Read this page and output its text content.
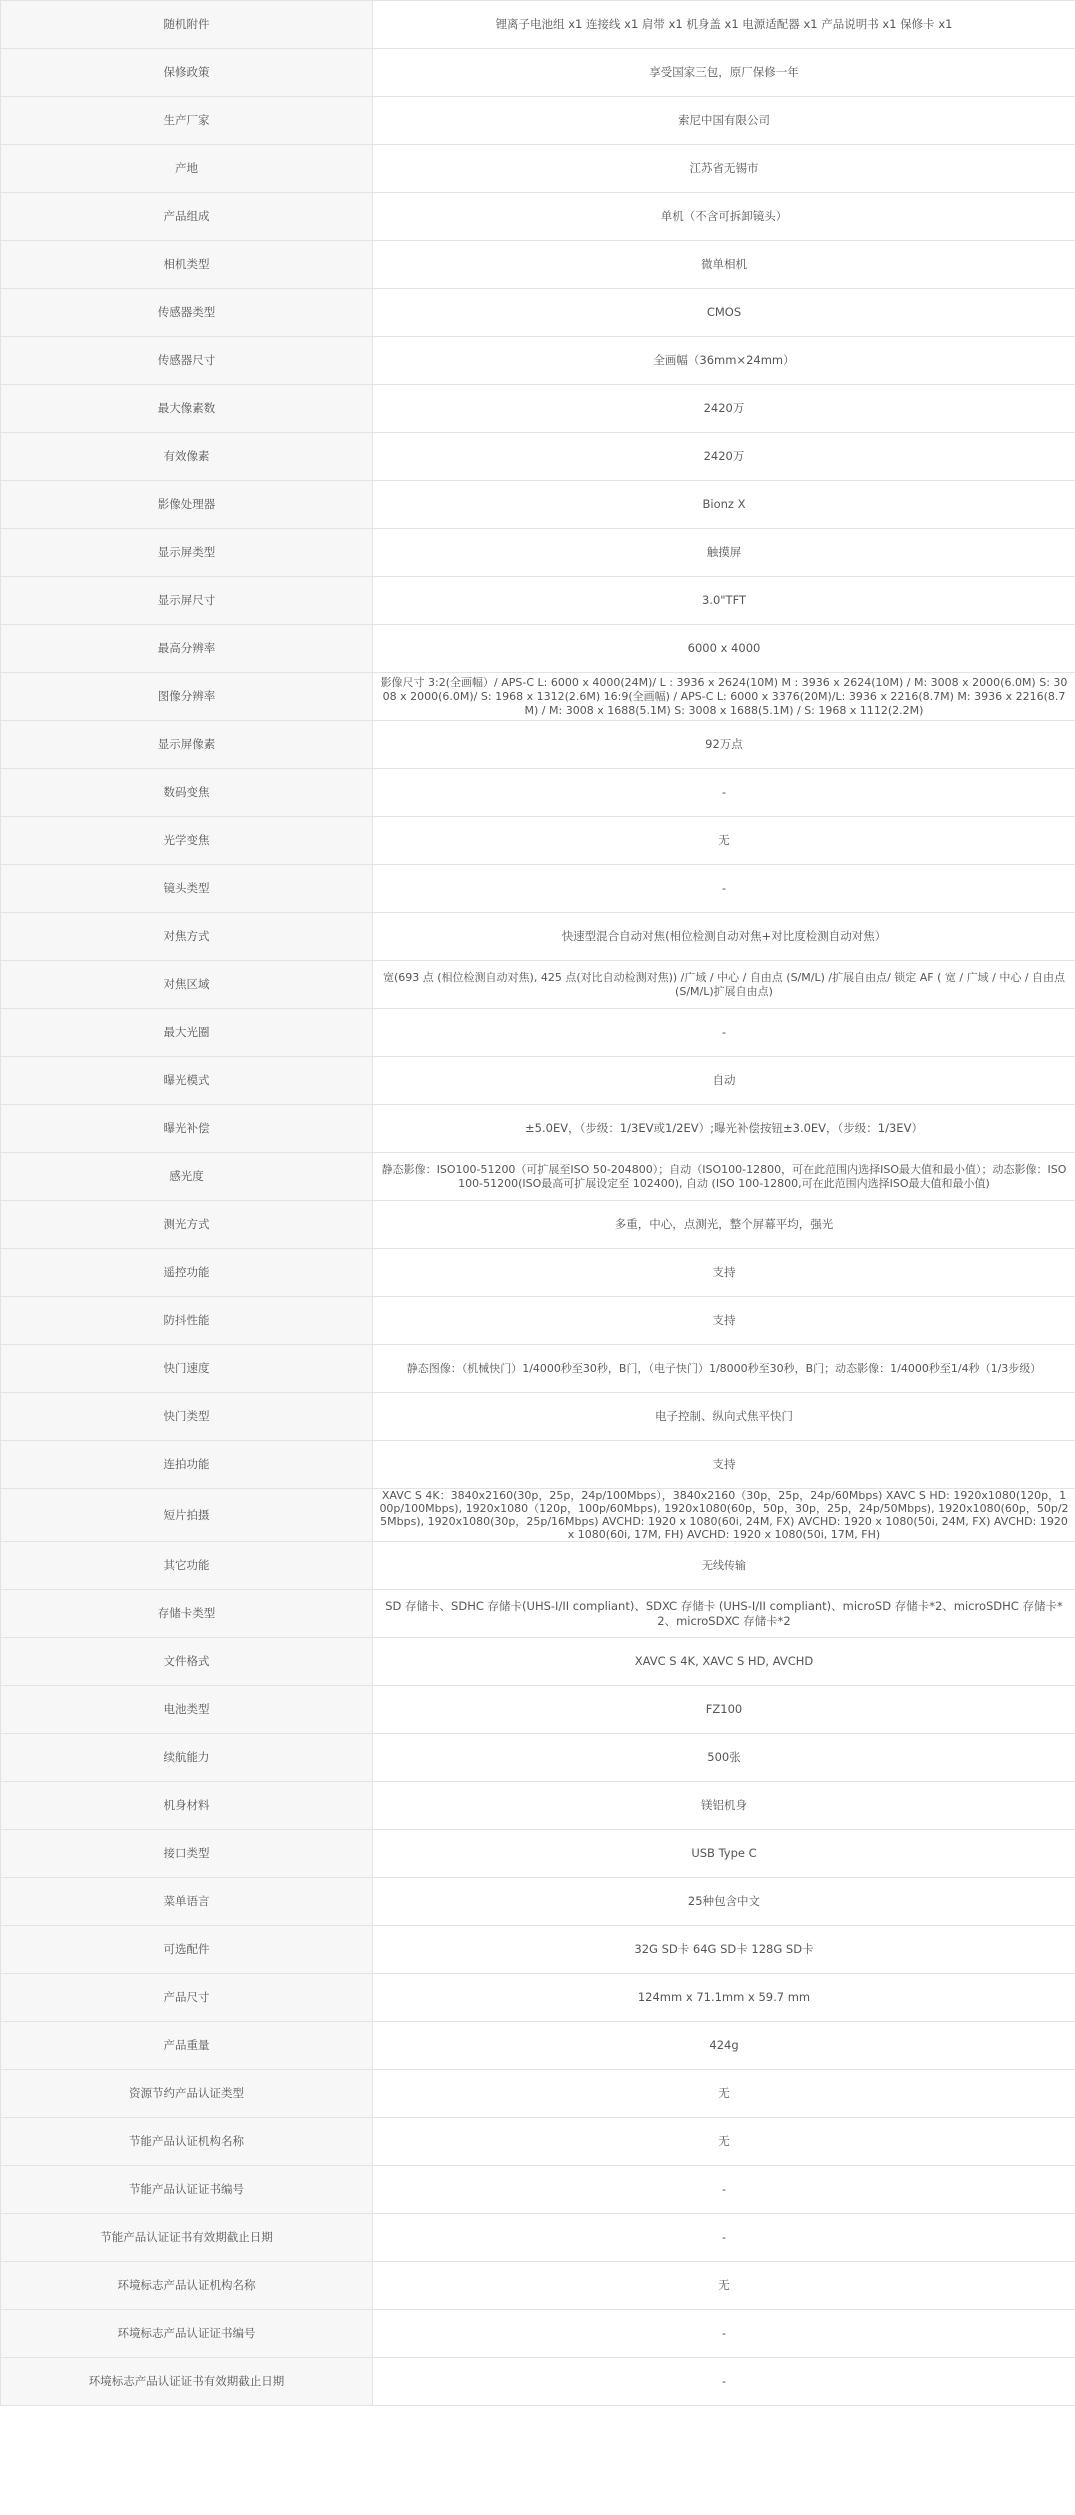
随机附件	锂离子电池组 x1 连接线 x1 肩带 x1 机身盖 x1 电源适配器 x1 产品说明书 x1 保修卡 x1
保修政策	享受国家三包，原厂保修一年
生产厂家	索尼中国有限公司
产地	江苏省无锡市
产品组成	单机（不含可拆卸镜头）
相机类型	微单相机
传感器类型	CMOS
传感器尺寸	全画幅（36mm×24mm）
最大像素数	2420万
有效像素	2420万
影像处理器	Bionz X
显示屏类型	触摸屏
显示屏尺寸	3.0"TFT
最高分辨率	6000 x 4000
图像分辨率	影像尺寸 3:2(全画幅）/ APS-C L: 6000 x 4000(24M)/ L : 3936 x 2624(10M) M : 3936 x 2624(10M) / M: 3008 x 2000(6.0M) S: 3008 x 2000(6.0M)/ S: 1968 x 1312(2.6M) 16:9(全画幅) / APS-C L: 6000 x 3376(20M)/L: 3936 x 2216(8.7M) M: 3936 x 2216(8.7M) / M: 3008 x 1688(5.1M) S: 3008 x 1688(5.1M) / S: 1968 x 1112(2.2M)
显示屏像素	92万点
数码变焦	-
光学变焦	无
镜头类型	-
对焦方式	快速型混合自动对焦(相位检测自动对焦+对比度检测自动对焦）
对焦区域	宽(693 点 (相位检测自动对焦), 425 点(对比自动检测对焦)) /广域 / 中心 / 自由点 (S/M/L) /扩展自由点/ 锁定 AF ( 宽 / 广域 / 中心 / 自由点 (S/M/L)扩展自由点)
最大光圈	-
曝光模式	自动
曝光补偿	±5.0EV，（步级：1/3EV或1/2EV）;曝光补偿按钮±3.0EV，（步级：1/3EV）
感光度	静态影像：ISO100-51200（可扩展至ISO 50-204800）；自动（ISO100-12800，可在此范围内选择ISO最大值和最小值）；动态影像：ISO100-51200(ISO最高可扩展设定至 102400), 自动 (ISO 100-12800,可在此范围内选择ISO最大值和最小值)
测光方式	多重，中心，点测光，整个屏幕平均，强光
遥控功能	支持
防抖性能	支持
快门速度	静态图像：（机械快门）1/4000秒至30秒，B门，（电子快门）1/8000秒至30秒，B门；动态影像：1/4000秒至1/4秒（1/3步级）
快门类型	电子控制、纵向式焦平快门
连拍功能	支持
短片拍摄	XAVC S 4K：3840x2160(30p，25p，24p/100Mbps），3840x2160（30p，25p，24p/60Mbps) XAVC S HD: 1920x1080(120p，100p/100Mbps), 1920x1080（120p，100p/60Mbps), 1920x1080(60p，50p，30p，25p，24p/50Mbps), 1920x1080(60p，50p/25Mbps), 1920x1080(30p，25p/16Mbps) AVCHD: 1920 x 1080(60i, 24M, FX) AVCHD: 1920 x 1080(50i, 24M, FX) AVCHD: 1920 x 1080(60i, 17M, FH) AVCHD: 1920 x 1080(50i, 17M, FH)
其它功能	无线传输
存储卡类型	SD 存储卡、SDHC 存储卡(UHS-I/II compliant)、SDXC 存储卡 (UHS-I/II compliant)、microSD 存储卡*2、microSDHC 存储卡*2、microSDXC 存储卡*2
文件格式	XAVC S 4K, XAVC S HD, AVCHD
电池类型	FZ100
续航能力	500张
机身材料	镁铝机身
接口类型	USB Type C
菜单语言	25种包含中文
可选配件	32G SD卡 64G SD卡 128G SD卡
产品尺寸	124mm x 71.1mm x 59.7 mm
产品重量	424g
资源节约产品认证类型	无
节能产品认证机构名称	无
节能产品认证证书编号	-
节能产品认证证书有效期截止日期	-
环境标志产品认证机构名称	无
环境标志产品认证证书编号	-
环境标志产品认证证书有效期截止日期	-
